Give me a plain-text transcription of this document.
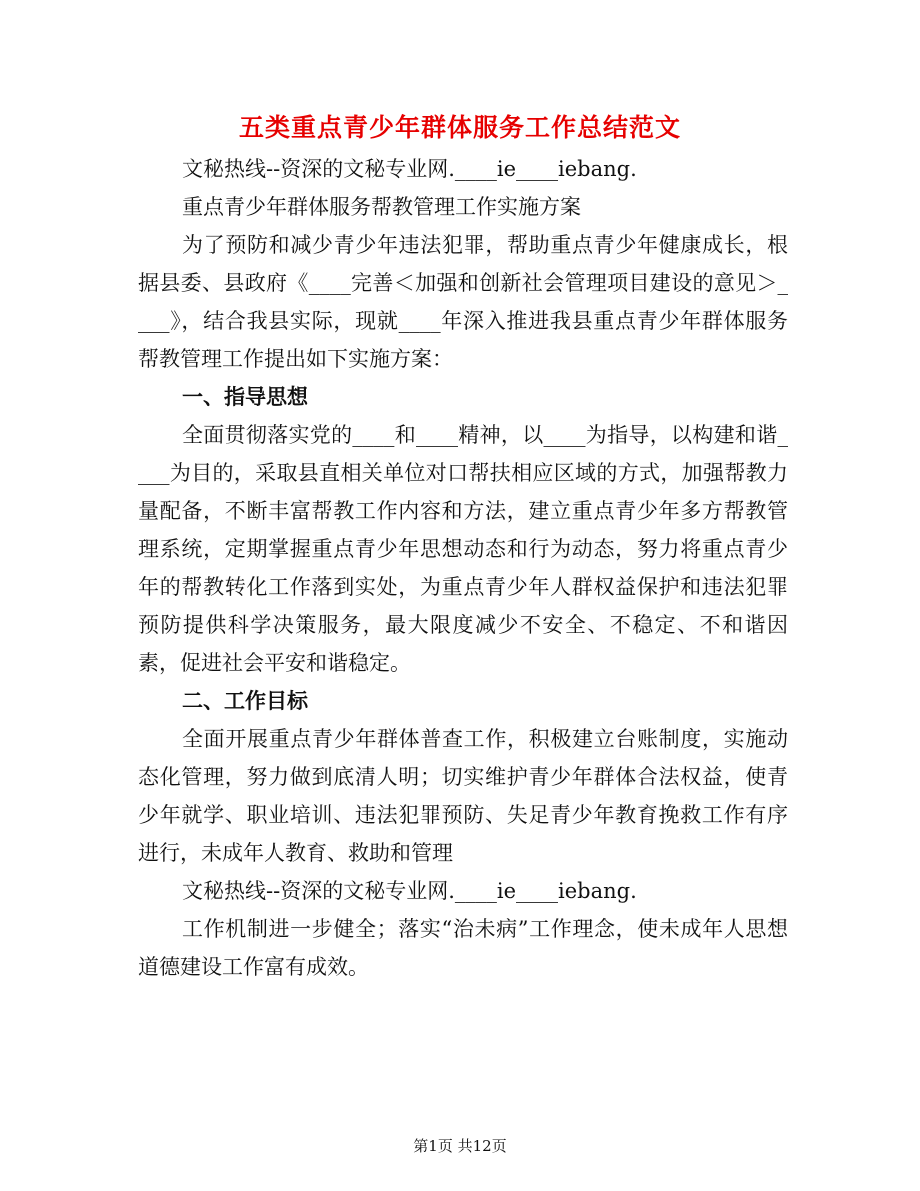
五类重点青少年群体服务工作总结范文

文秘热线--资深的文秘专业网.____ie____iebang.

重点青少年群体服务帮教管理工作实施方案

为了预防和减少青少年违法犯罪，帮助重点青少年健康成长，根据县委、县政府《____完善＜加强和创新社会管理项目建设的意见＞____》，结合我县实际，现就____年深入推进我县重点青少年群体服务帮教管理工作提出如下实施方案：

一、指导思想

全面贯彻落实党的____和____精神，以____为指导，以构建和谐____为目的，采取县直相关单位对口帮扶相应区域的方式，加强帮教力量配备，不断丰富帮教工作内容和方法，建立重点青少年多方帮教管理系统，定期掌握重点青少年思想动态和行为动态，努力将重点青少年的帮教转化工作落到实处，为重点青少年人群权益保护和违法犯罪预防提供科学决策服务，最大限度减少不安全、不稳定、不和谐因素，促进社会平安和谐稳定。

二、工作目标

全面开展重点青少年群体普查工作，积极建立台账制度，实施动态化管理，努力做到底清人明；切实维护青少年群体合法权益，使青少年就学、职业培训、违法犯罪预防、失足青少年教育挽救工作有序进行，未成年人教育、救助和管理

文秘热线--资深的文秘专业网.____ie____iebang.

工作机制进一步健全；落实“治未病”工作理念，使未成年人思想道德建设工作富有成效。

第1页 共12页
